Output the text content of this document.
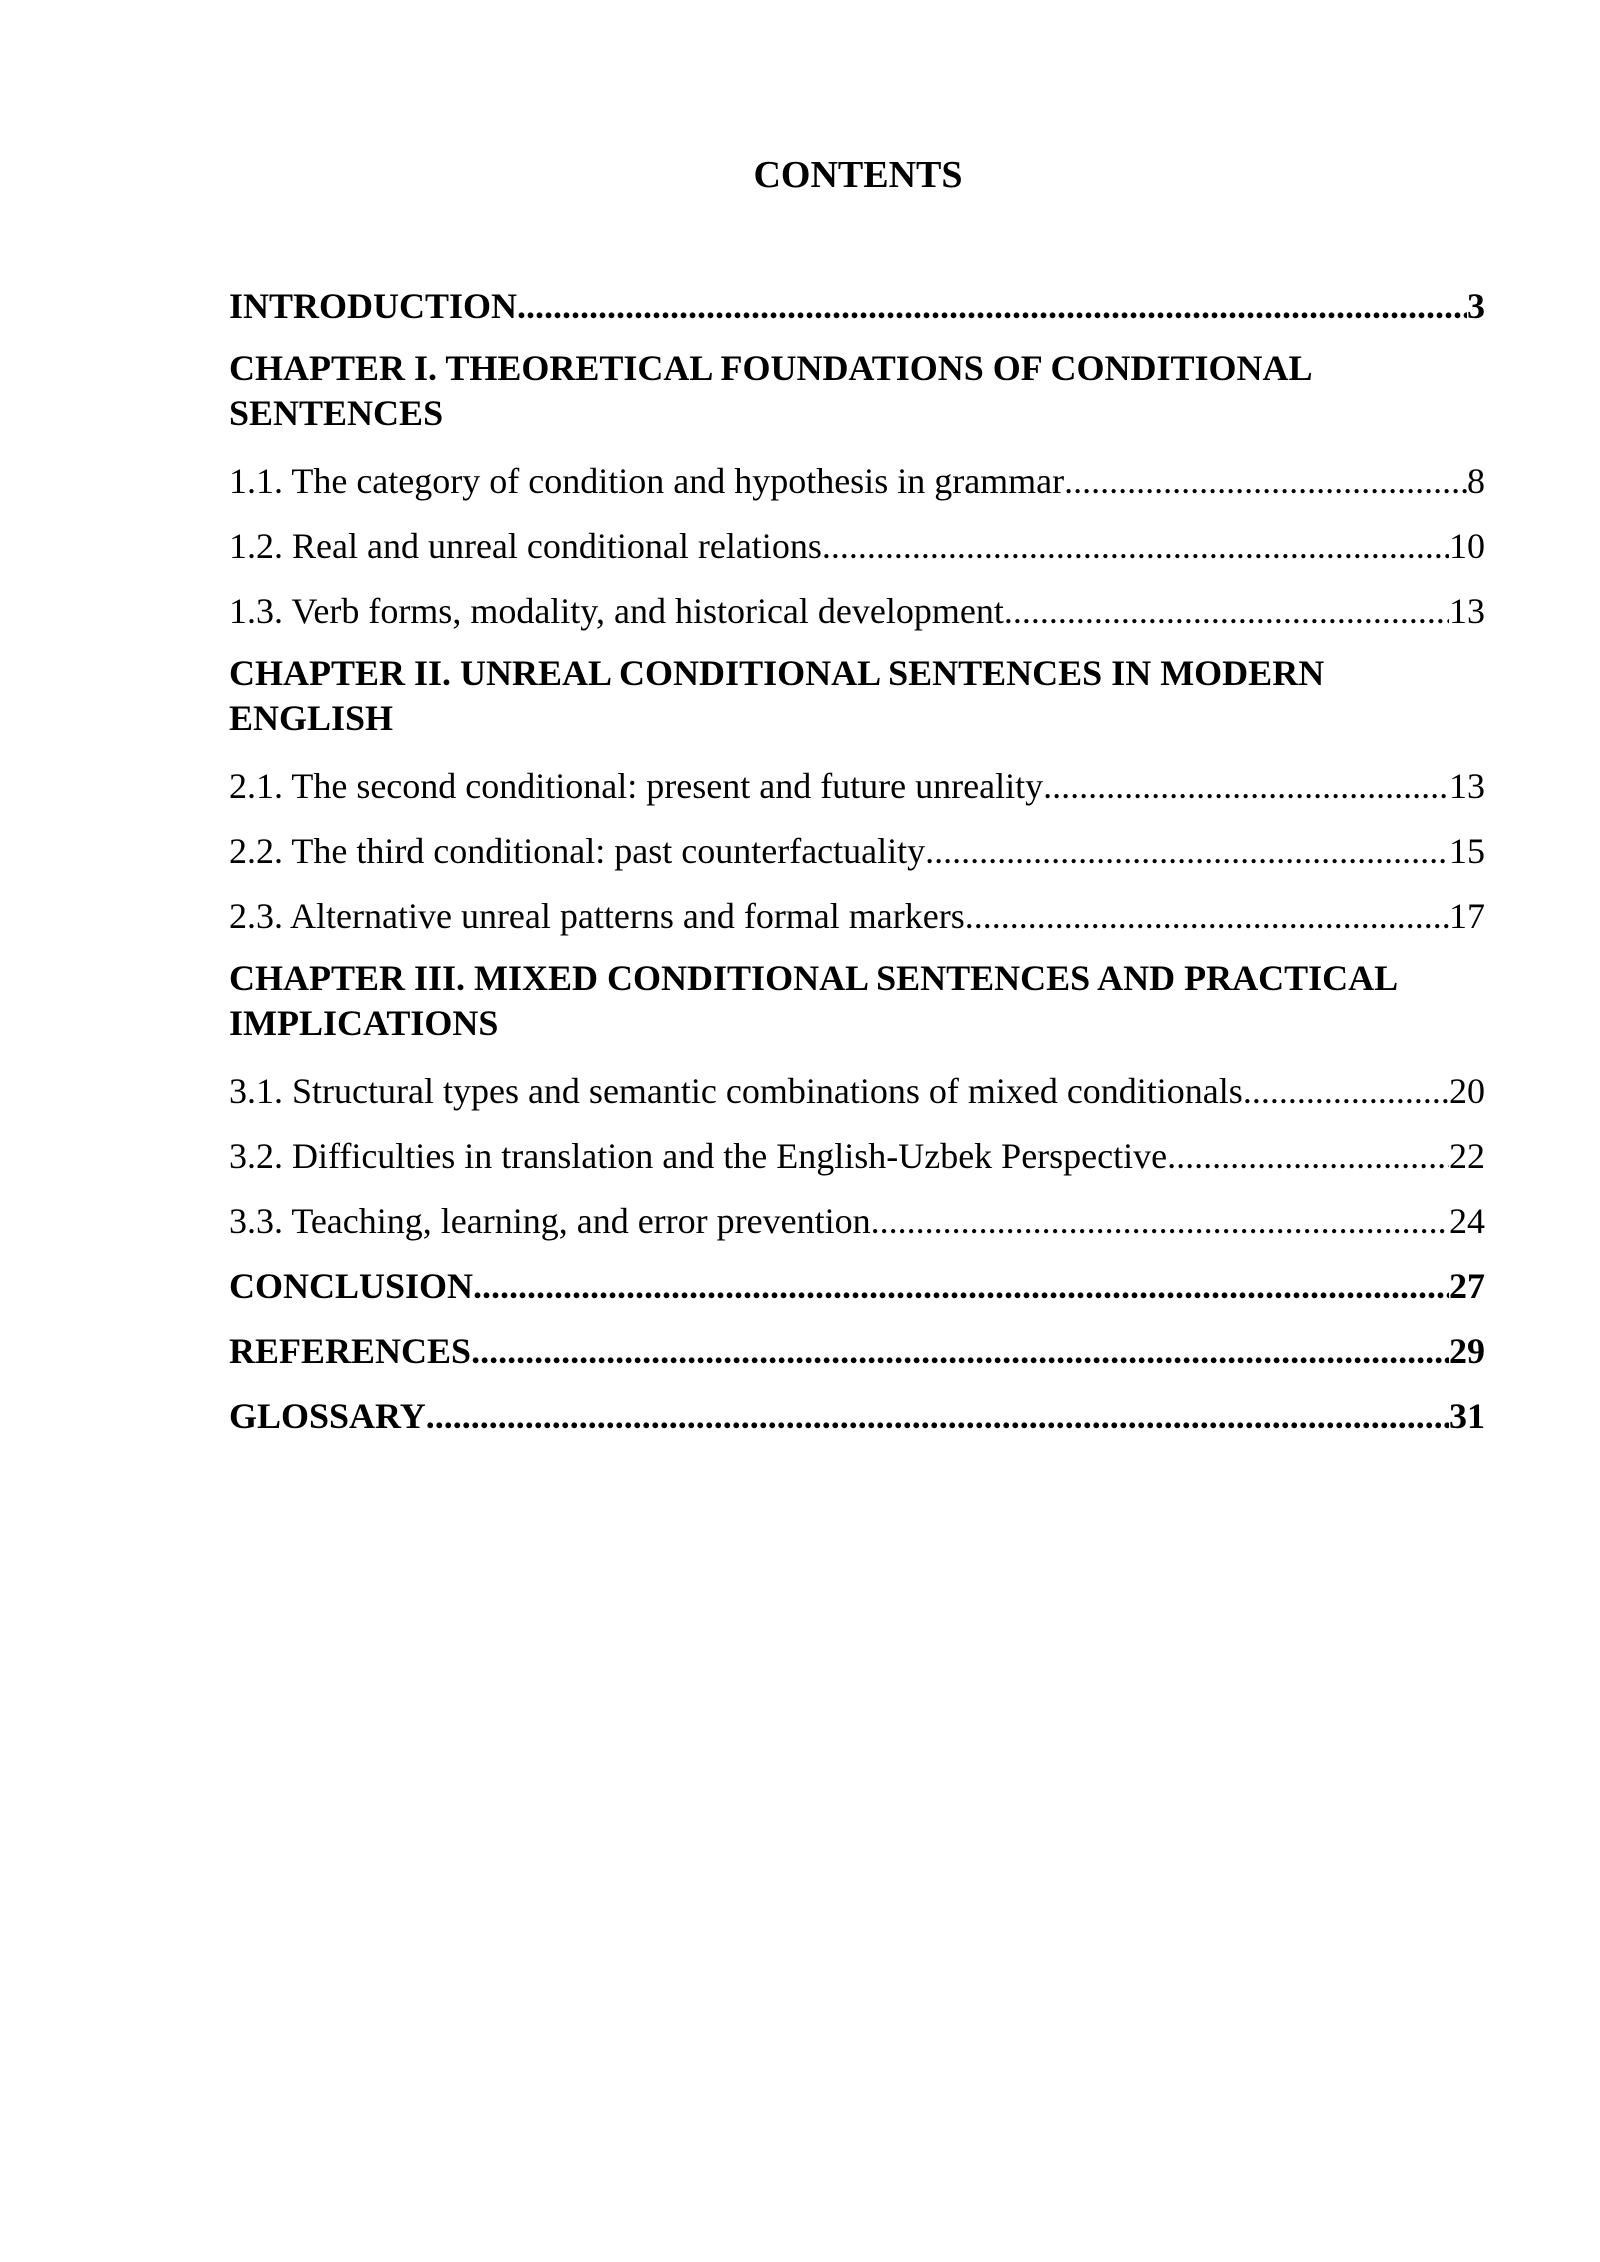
CONTENTS
INTRODUCTION .....	3
CHAPTER I. THEORETICAL FOUNDATIONS OF CONDITIONAL
SENTENCES
1.1. The category of condition and hypothesis in grammar .....	8
1.2. Real and unreal conditional relations .....	10
1.3. Verb forms, modality, and historical development .....	13
CHAPTER II. UNREAL CONDITIONAL SENTENCES IN MODERN
ENGLISH
2.1. The second conditional: present and future unreality .....	13
2.2. The third conditional: past counterfactuality .....	15
2.3. Alternative unreal patterns and formal markers .....	17
CHAPTER III. MIXED CONDITIONAL SENTENCES AND PRACTICAL
IMPLICATIONS
3.1. Structural types and semantic combinations of mixed conditionals .....	20
3.2. Difficulties in translation and the English-Uzbek Perspective .....	22
3.3. Teaching, learning, and error prevention .....	24
CONCLUSION .....	27
REFERENCES .....	29
GLOSSARY .....	31
